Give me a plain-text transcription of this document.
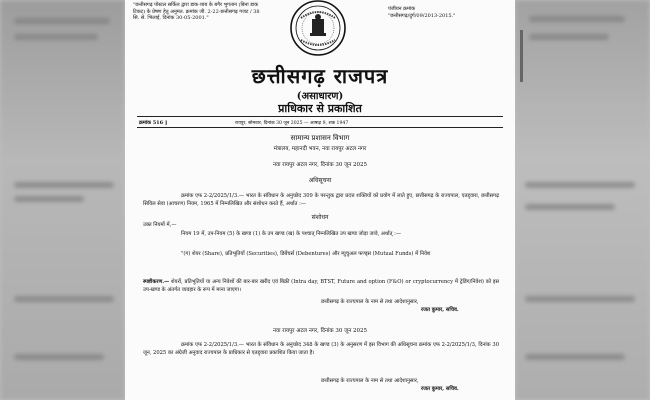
"छत्तीसगढ़ पोस्टल सर्किल द्वारा डाक-व्यय के बगैर भुगतान (बिना डाक टिकट) के प्रेषण हेतु अनुमत. क्रमांक जी. 2-22-छत्तीसगढ़ गजट / 38 सि. से. भिलाई, दिनांक 30-05-2001."
पंजीयन क्रमांक
"छत्तीसगढ़/दुर्ग/09/2013-2015."
छत्तीसगढ़ राजपत्र
(असाधारण)
प्राधिकार से प्रकाशित
क्रमांक 516 ]	रायपुर, सोमवार, दिनांक 30 जून 2025 — आषाढ़ 9, शक 1947
सामान्य प्रशासन विभाग
मंत्रालय, महानदी भवन, नवा रायपुर अटल नगर
नवा रायपुर अटल नगर, दिनांक 30 जून 2025
अधिसूचना
क्रमांक एफ 2-2/2025/1/3.— भारत के संविधान के अनुच्छेद 309 के परन्तुक द्वारा प्रदत्त शक्तियों को प्रयोग में लाते हुए, छत्तीसगढ़ के राज्यपाल, एतद्द्वारा, छत्तीसगढ़ सिविल सेवा (आचरण) नियम, 1965 में निम्नलिखित और संशोधन करते हैं, अर्थात :—
संशोधन
उक्त नियमों में,—
नियम 19 में, उप-नियम (5) के खण्ड (1) के उप खण्ड (ख) के पश्चात् निम्नलिखित उप खण्ड जोड़ा जावे, अर्थात् :—
"(ग) शेयर (Share), प्रतिभूतियों (Securities), डिबेंचर्स (Debentures) और म्युचुअल फण्ड्स (Mutual Funds) में निवेश
स्पष्टीकरण.— शेयरों, प्रतिभूतियों या अन्य निवेशों की बार-बार खरीद एवं बिक्री (Intra day, BTST, Future and option (F&O) or cryptocurrency में ट्रेडिंग/निवेश) को इस उप-खण्ड के अंतर्गत व्यवहार के रूप में माना जाएगा।
छत्तीसगढ़ के राज्यपाल के नाम से तथा आदेशानुसार,
रजत कुमार, सचिव.
नवा रायपुर अटल नगर, दिनांक 30 जून 2025
क्रमांक एफ 2-2/2025/1/3.— भारत के संविधान के अनुच्छेद 348 के खण्ड (3) के अनुसरण में इस विभाग की अधिसूचना क्रमांक एफ 2-2/2025/1/3, दिनांक 30 जून, 2025 का अंग्रेजी अनुवाद राज्यपाल के प्राधिकार से एतद्द्वारा प्रकाशित किया जाता है।
छत्तीसगढ़ के राज्यपाल के नाम से तथा आदेशानुसार,
रजत कुमार, सचिव.
